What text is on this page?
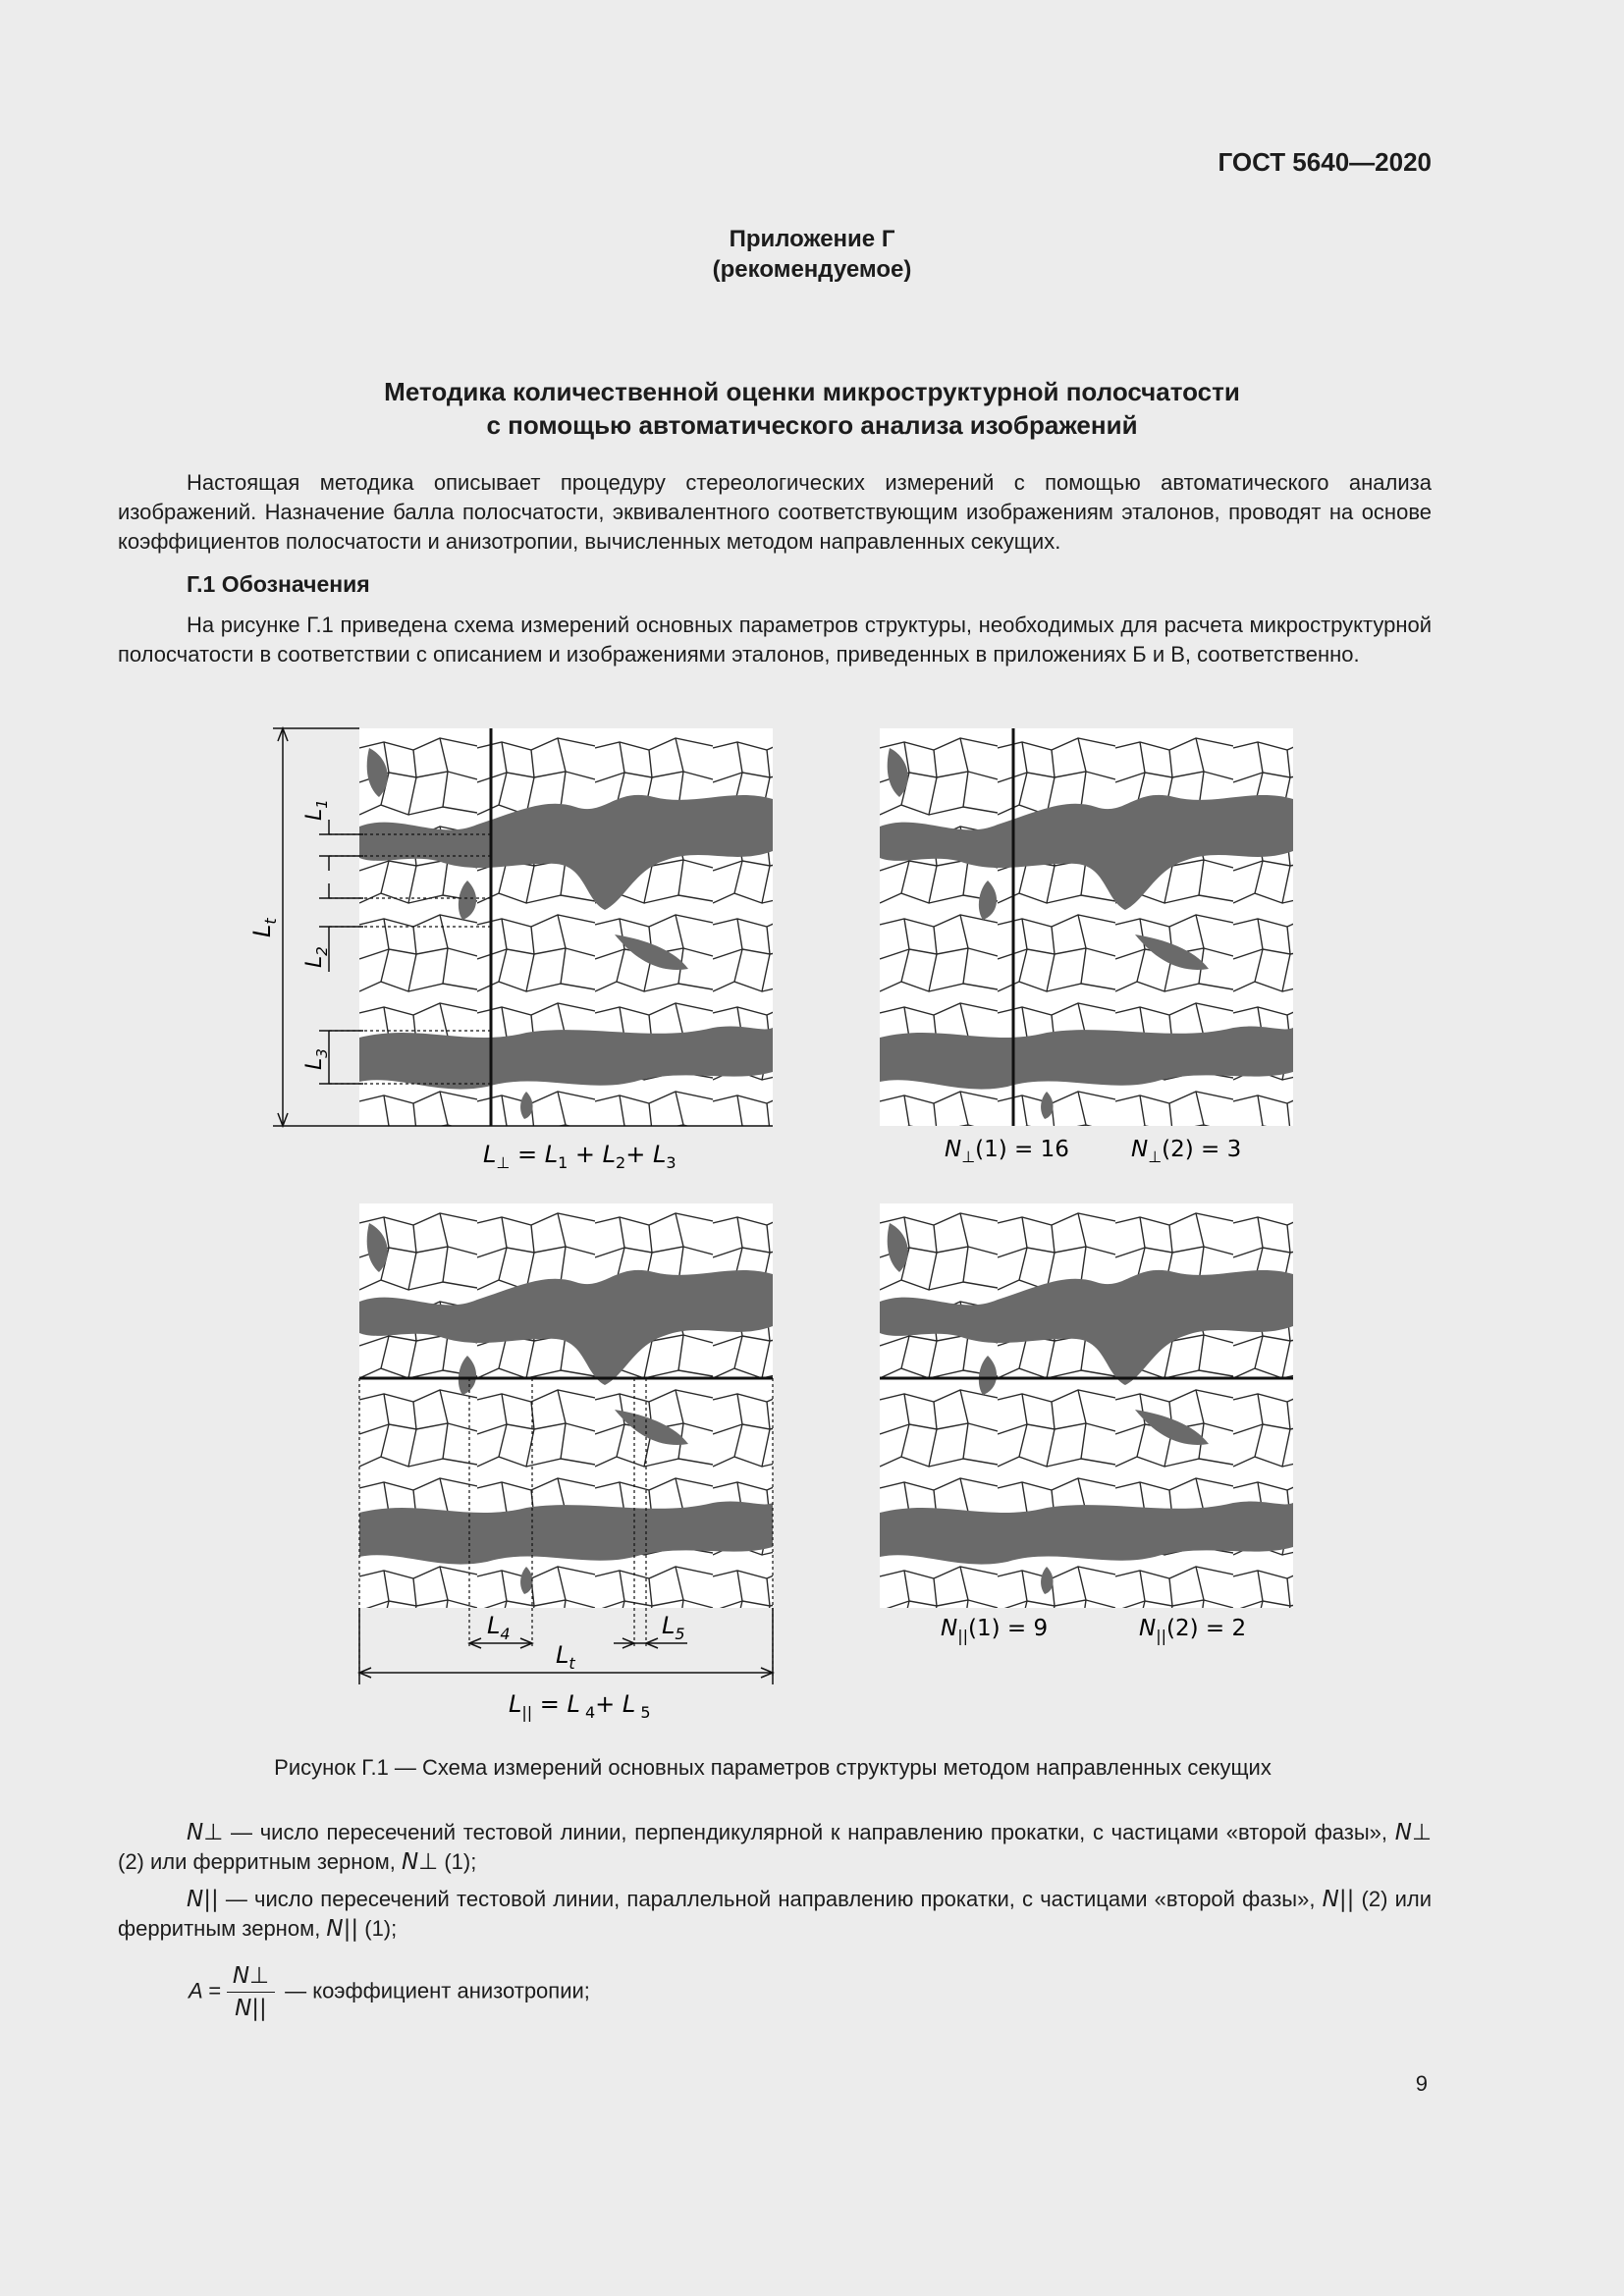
ГОСТ 5640—2020
Приложение Г
(рекомендуемое)
Методика количественной оценки микроструктурной полосчатости
с помощью автоматического анализа изображений
Настоящая методика описывает процедуру стереологических измерений с помощью автоматического анализа изображений. Назначение балла полосчатости, эквивалентного соответствующим изображениям эталонов, проводят на основе коэффициентов полосчатости и анизотропии, вычисленных методом направленных секущих.
Г.1 Обозначения
На рисунке Г.1 приведена схема измерений основных параметров структуры, необходимых для расчета микроструктурной полосчатости в соответствии с описанием и изображениями эталонов, приведенных в приложениях Б и В, соответственно.
$L_t$
$L_1$
$L_2$
$L_3$
$L_4$	$L_5$
$L_t$
$L_\perp = L_1 + L_2+ L_3$
$N_\perp(1) = 16$	$N_\perp(2) = 3$
$N_{||}(1) = 9$	$N_{||}(2) = 2$
$L_{||} = L$ $_4$+ L $_5$
Рисунок Г.1 — Схема измерений основных параметров структуры методом направленных секущих
N⊥ — число пересечений тестовой линии, перпендикулярной к направлению прокатки, с частицами «второй фазы», N⊥ (2) или ферритным зерном, N⊥ (1);
N|| — число пересечений тестовой линии, параллельной направлению прокатки, с частицами «второй фазы», N|| (2) или ферритным зерном, N|| (1);
$A = \frac{N\perp}{N||}$ — коэффициент анизотропии;
9
